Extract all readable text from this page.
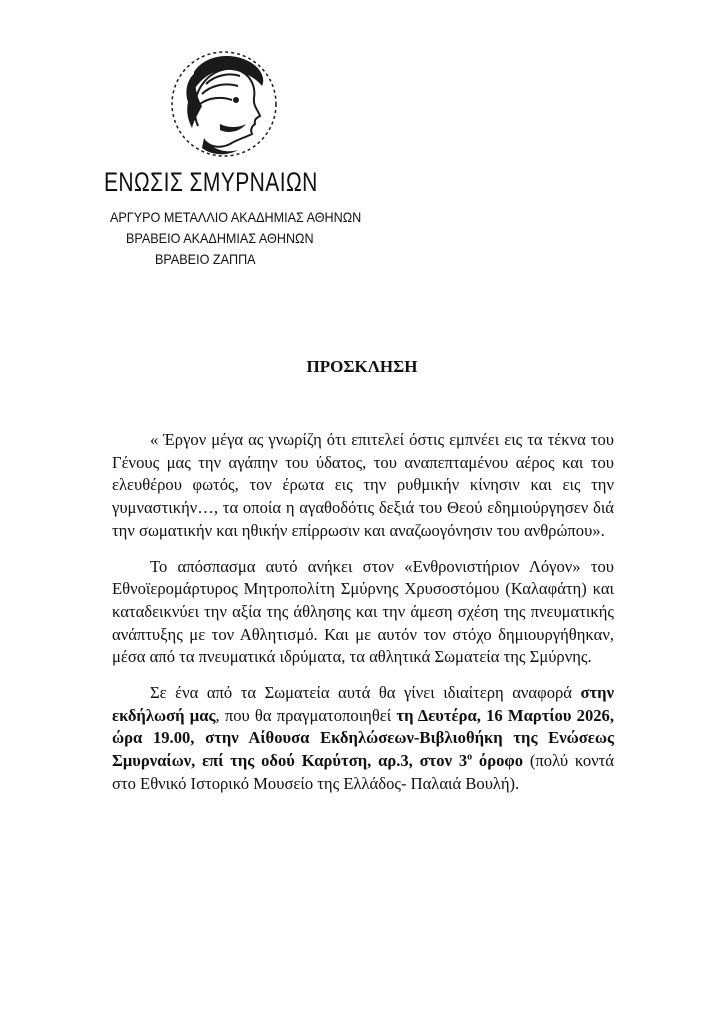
ΕΝΩΣΙΣ ΣΜΥΡΝΑΙΩΝ
ΑΡΓΥΡΟ ΜΕΤΑΛΛΙΟ ΑΚΑΔΗΜΙΑΣ ΑΘΗΝΩΝ
ΒΡΑΒΕΙΟ ΑΚΑΔΗΜΙΑΣ ΑΘΗΝΩΝ
ΒΡΑΒΕΙΟ ΖΑΠΠΑ
ΠΡΟΣΚΛΗΣΗ

« Έργον μέγα ας γνωρίζη ότι επιτελεί όστις εμπνέει εις τα τέκνα του Γένους μας την αγάπην του ύδατος, του αναπεπταμένου αέρος και του ελευθέρου φωτός, τον έρωτα εις την ρυθμικήν κίνησιν και εις την γυμναστικήν…, τα οποία η αγαθοδότις δεξιά του Θεού εδημιούργησεν διά την σωματικήν και ηθικήν επίρρωσιν και αναζωογόνησιν του ανθρώπου».

Το απόσπασμα αυτό ανήκει στον «Ενθρονιστήριον Λόγον» του Εθνοϊερομάρτυρος Μητροπολίτη Σμύρνης Χρυσοστόμου (Καλαφάτη) και καταδεικνύει την αξία της άθλησης και την άμεση σχέση της πνευματικής ανάπτυξης με τον Αθλητισμό. Και με αυτόν τον στόχο δημιουργήθηκαν, μέσα από τα πνευματικά ιδρύματα, τα αθλητικά Σωματεία της Σμύρνης.

Σε ένα από τα Σωματεία αυτά θα γίνει ιδιαίτερη αναφορά στην εκδήλωσή μας, που θα πραγματοποιηθεί τη Δευτέρα, 16 Μαρτίου 2026, ώρα 19.00, στην Αίθουσα Εκδηλώσεων-Βιβλιοθήκη της Ενώσεως Σμυρναίων, επί της οδού Καρύτση, αρ.3, στον $3^o$ όροφο (πολύ κοντά στο Εθνικό Ιστορικό Μουσείο της Ελλάδος- Παλαιά Βουλή).
